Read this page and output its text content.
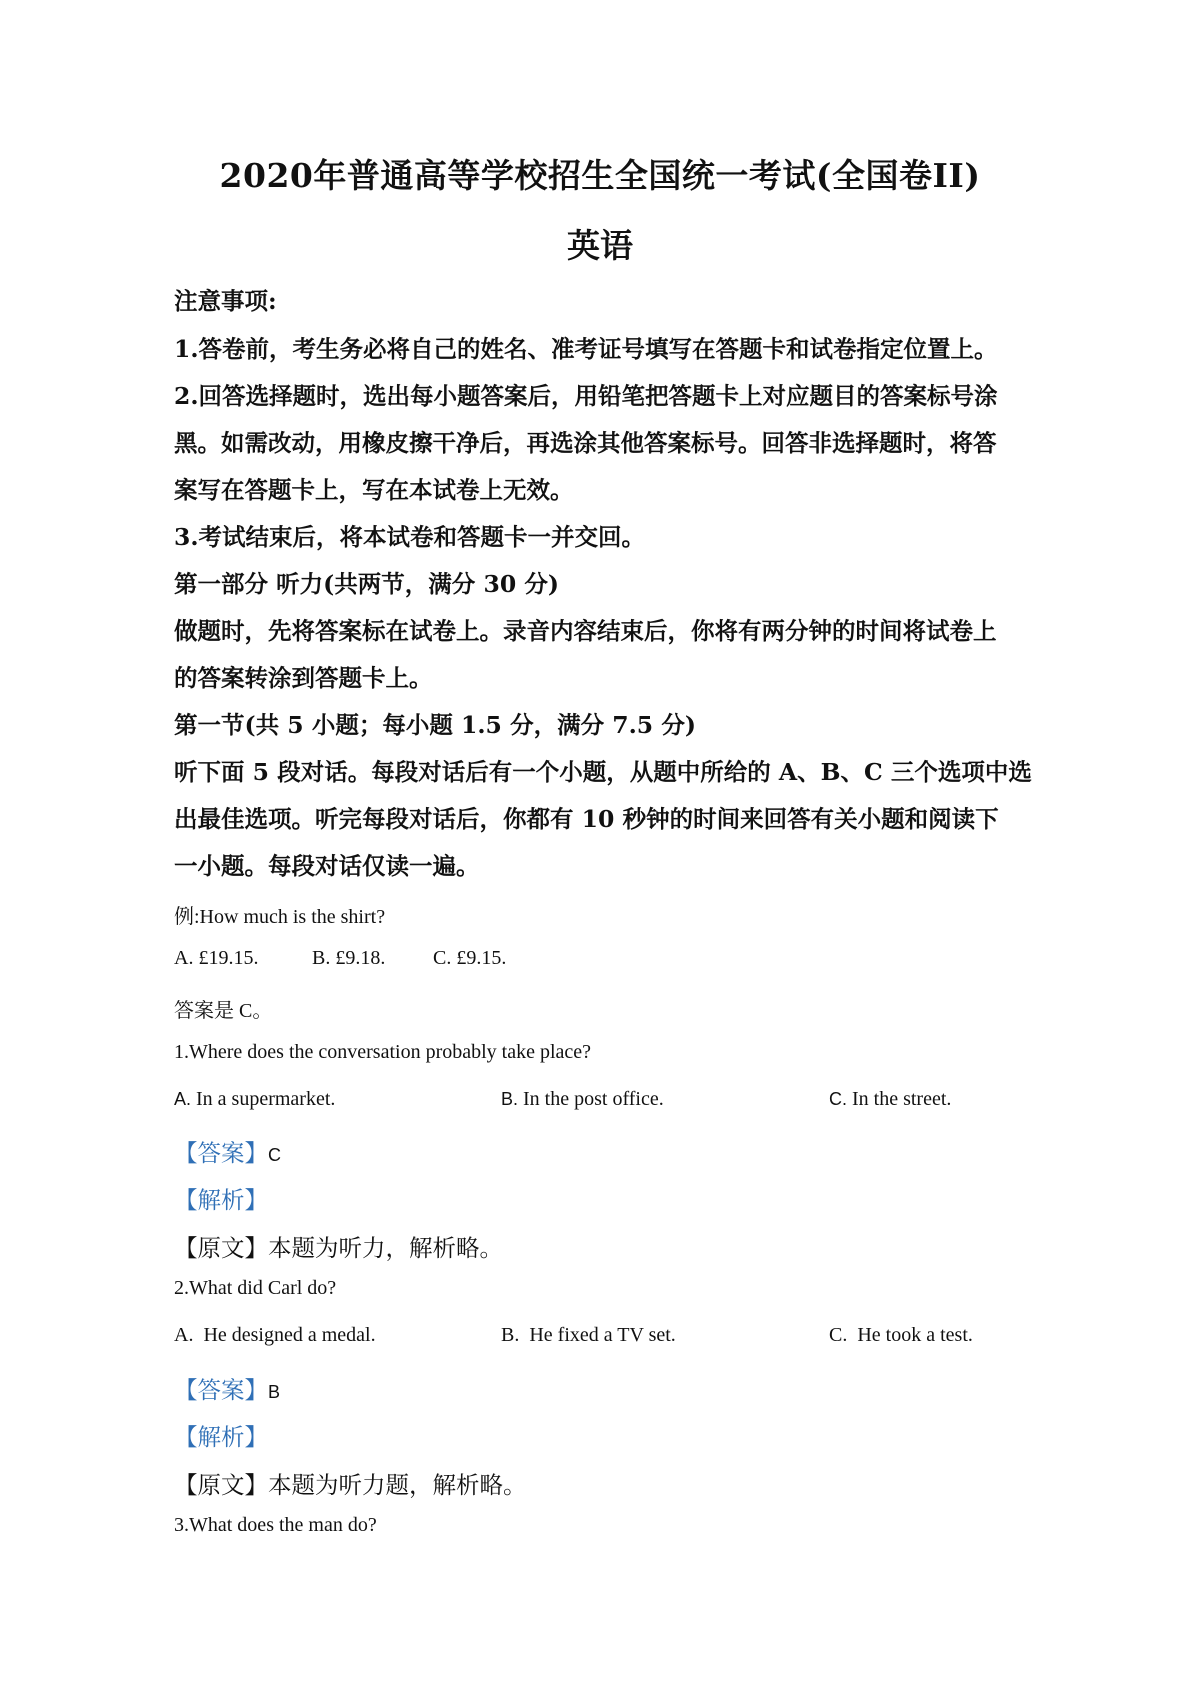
2020年普通高等学校招生全国统一考试(全国卷II)
英语
注意事项:
1.答卷前，考生务必将自己的姓名、准考证号填写在答题卡和试卷指定位置上。
2.回答选择题时，选出每小题答案后，用铅笔把答题卡上对应题目的答案标号涂
黑。如需改动，用橡皮擦干净后，再选涂其他答案标号。回答非选择题时，将答
案写在答题卡上，写在本试卷上无效。
3.考试结束后，将本试卷和答题卡一并交回。
第一部分 听力(共两节，满分 30 分)
做题时，先将答案标在试卷上。录音内容结束后，你将有两分钟的时间将试卷上
的答案转涂到答题卡上。
第一节(共 5 小题；每小题 1.5 分，满分 7.5 分)
听下面 5 段对话。每段对话后有一个小题，从题中所给的 A、B、C 三个选项中选
出最佳选项。听完每段对话后，你都有 10 秒钟的时间来回答有关小题和阅读下
一小题。每段对话仅读一遍。
例:How much is the shirt?
A. £19.15.	B. £9.18. C. £9.15.
答案是 C。
1.Where does the conversation probably take place?
A. In a supermarket.	B. In the post office.	C. In the street.
【答案】C
【解析】
【原文】本题为听力，解析略。
2.What did Carl do?
A. He designed a medal.	B. He fixed a TV set.	C. He took a test.
【答案】B
【解析】
【原文】本题为听力题，解析略。
3.What does the man do?
